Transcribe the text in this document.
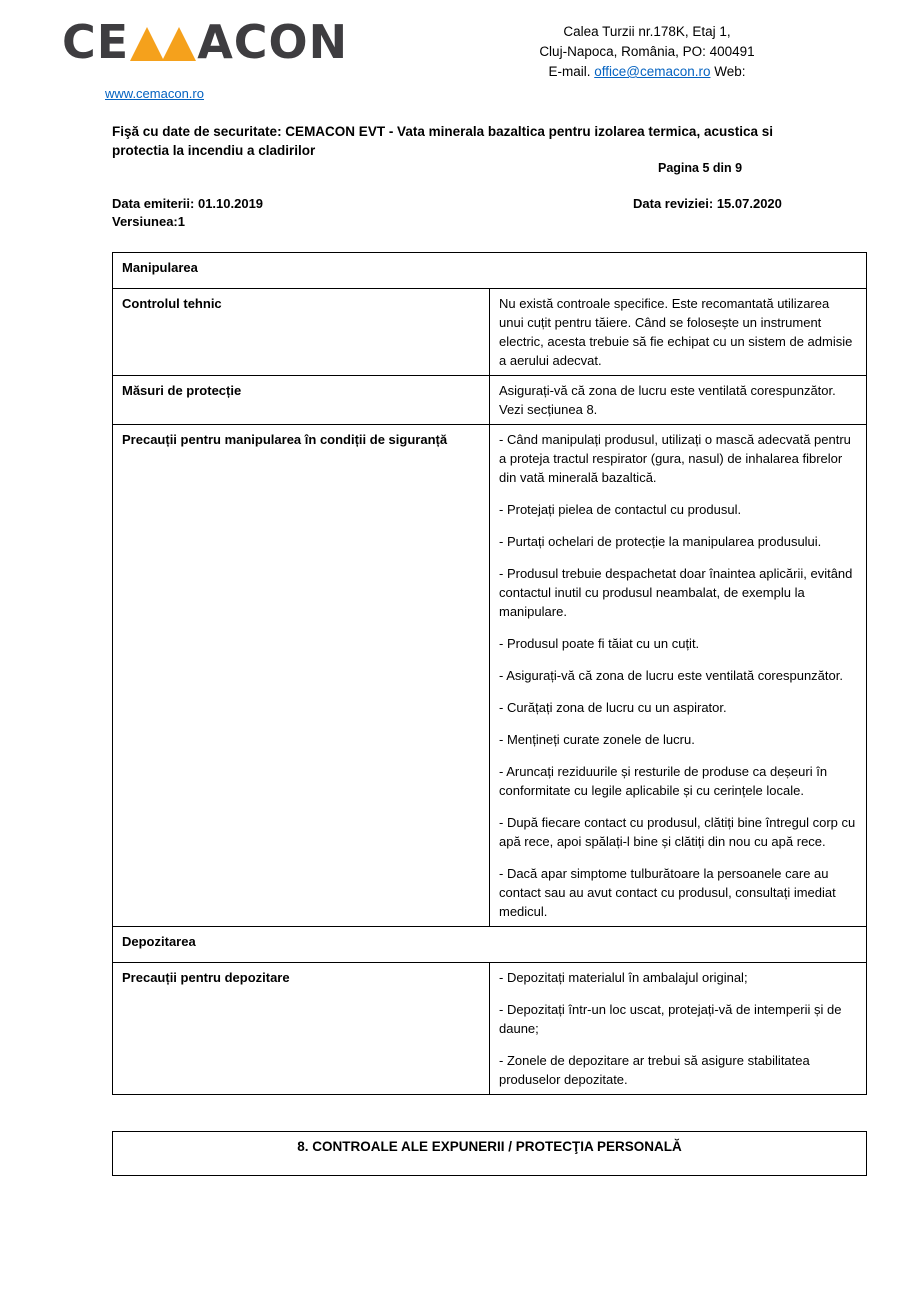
CE ACON
www.cemacon.ro
Calea Turzii nr.178K, Etaj 1,
Cluj-Napoca, România, PO: 400491
E-mail. office@cemacon.ro Web:
Fişă cu date de securitate: CEMACON EVT - Vata minerala bazaltica pentru izolarea termica, acustica si protectia la incendiu a cladirilor
Pagina 5 din 9
Data emiterii: 01.10.2019	Data reviziei: 15.07.2020
Versiunea:1
Manipularea	
Controlul tehnic	Nu există controale specifice. Este recomantată utilizarea unui cuțit pentru tăiere. Când se folosește un instrument electric, acesta trebuie să fie echipat cu un sistem de admisie a aerului adecvat.
Măsuri de protecție	Asigurați-vă că zona de lucru este ventilată corespunzător. Vezi secțiunea 8.
Precauții pentru manipularea în condiții de siguranță	- Când manipulați produsul, utilizați o mască adecvată pentru a proteja tractul respirator (gura, nasul) de inhalarea fibrelor din vată minerală bazaltică.

- Protejați pielea de contactul cu produsul.

- Purtați ochelari de protecție la manipularea produsului.

- Produsul trebuie despachetat doar înaintea aplicării, evitând contactul inutil cu produsul neambalat, de exemplu la manipulare.

- Produsul poate fi tăiat cu un cuțit.

- Asigurați-vă că zona de lucru este ventilată corespunzător.

- Curățați zona de lucru cu un aspirator.

- Mențineți curate zonele de lucru.

- Aruncați reziduurile și resturile de produse ca deșeuri în conformitate cu legile aplicabile și cu cerințele locale.

- După fiecare contact cu produsul, clătiți bine întregul corp cu apă rece, apoi spălați-l bine și clătiți din nou cu apă rece.

- Dacă apar simptome tulburătoare la persoanele care au contact sau au avut contact cu produsul, consultați imediat medicul.

Depozitarea	
Precauții pentru depozitare	- Depozitați materialul în ambalajul original;

- Depozitați într-un loc uscat, protejați-vă de intemperii și de daune;

- Zonele de depozitare ar trebui să asigure stabilitatea produselor depozitate.

8. CONTROALE ALE EXPUNERII / PROTECŢIA PERSONALĂ
